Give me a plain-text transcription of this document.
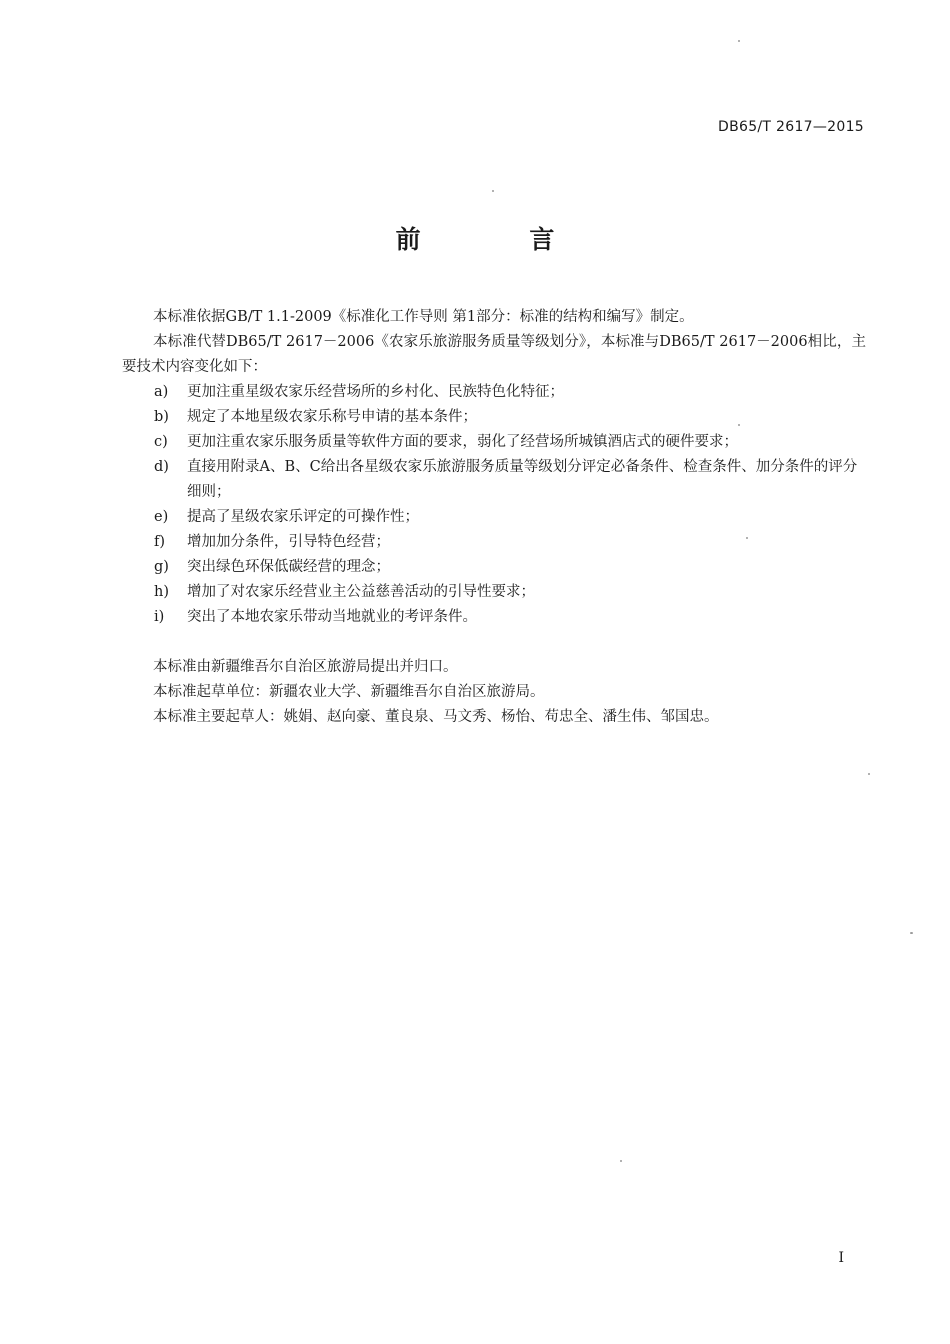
DB65/T 2617—2015
前 言

本标准依据GB/T 1.1-2009《标准化工作导则 第1部分：标准的结构和编写》制定。

本标准代替DB65/T 2617－2006《农家乐旅游服务质量等级划分》，本标准与DB65/T 2617－2006相比，主要技术内容变化如下：

a) 更加注重星级农家乐经营场所的乡村化、民族特色化特征；
b) 规定了本地星级农家乐称号申请的基本条件；
c) 更加注重农家乐服务质量等软件方面的要求，弱化了经营场所城镇酒店式的硬件要求；
d) 直接用附录A、B、C给出各星级农家乐旅游服务质量等级划分评定必备条件、检查条件、加分条件的评分细则；
e) 提高了星级农家乐评定的可操作性；
f) 增加加分条件，引导特色经营；
g) 突出绿色环保低碳经营的理念；
h) 增加了对农家乐经营业主公益慈善活动的引导性要求；
i) 突出了本地农家乐带动当地就业的考评条件。

本标准由新疆维吾尔自治区旅游局提出并归口。

本标准起草单位：新疆农业大学、新疆维吾尔自治区旅游局。

本标准主要起草人：姚娟、赵向豪、董良泉、马文秀、杨怡、苟忠全、潘生伟、邹国忠。

I
